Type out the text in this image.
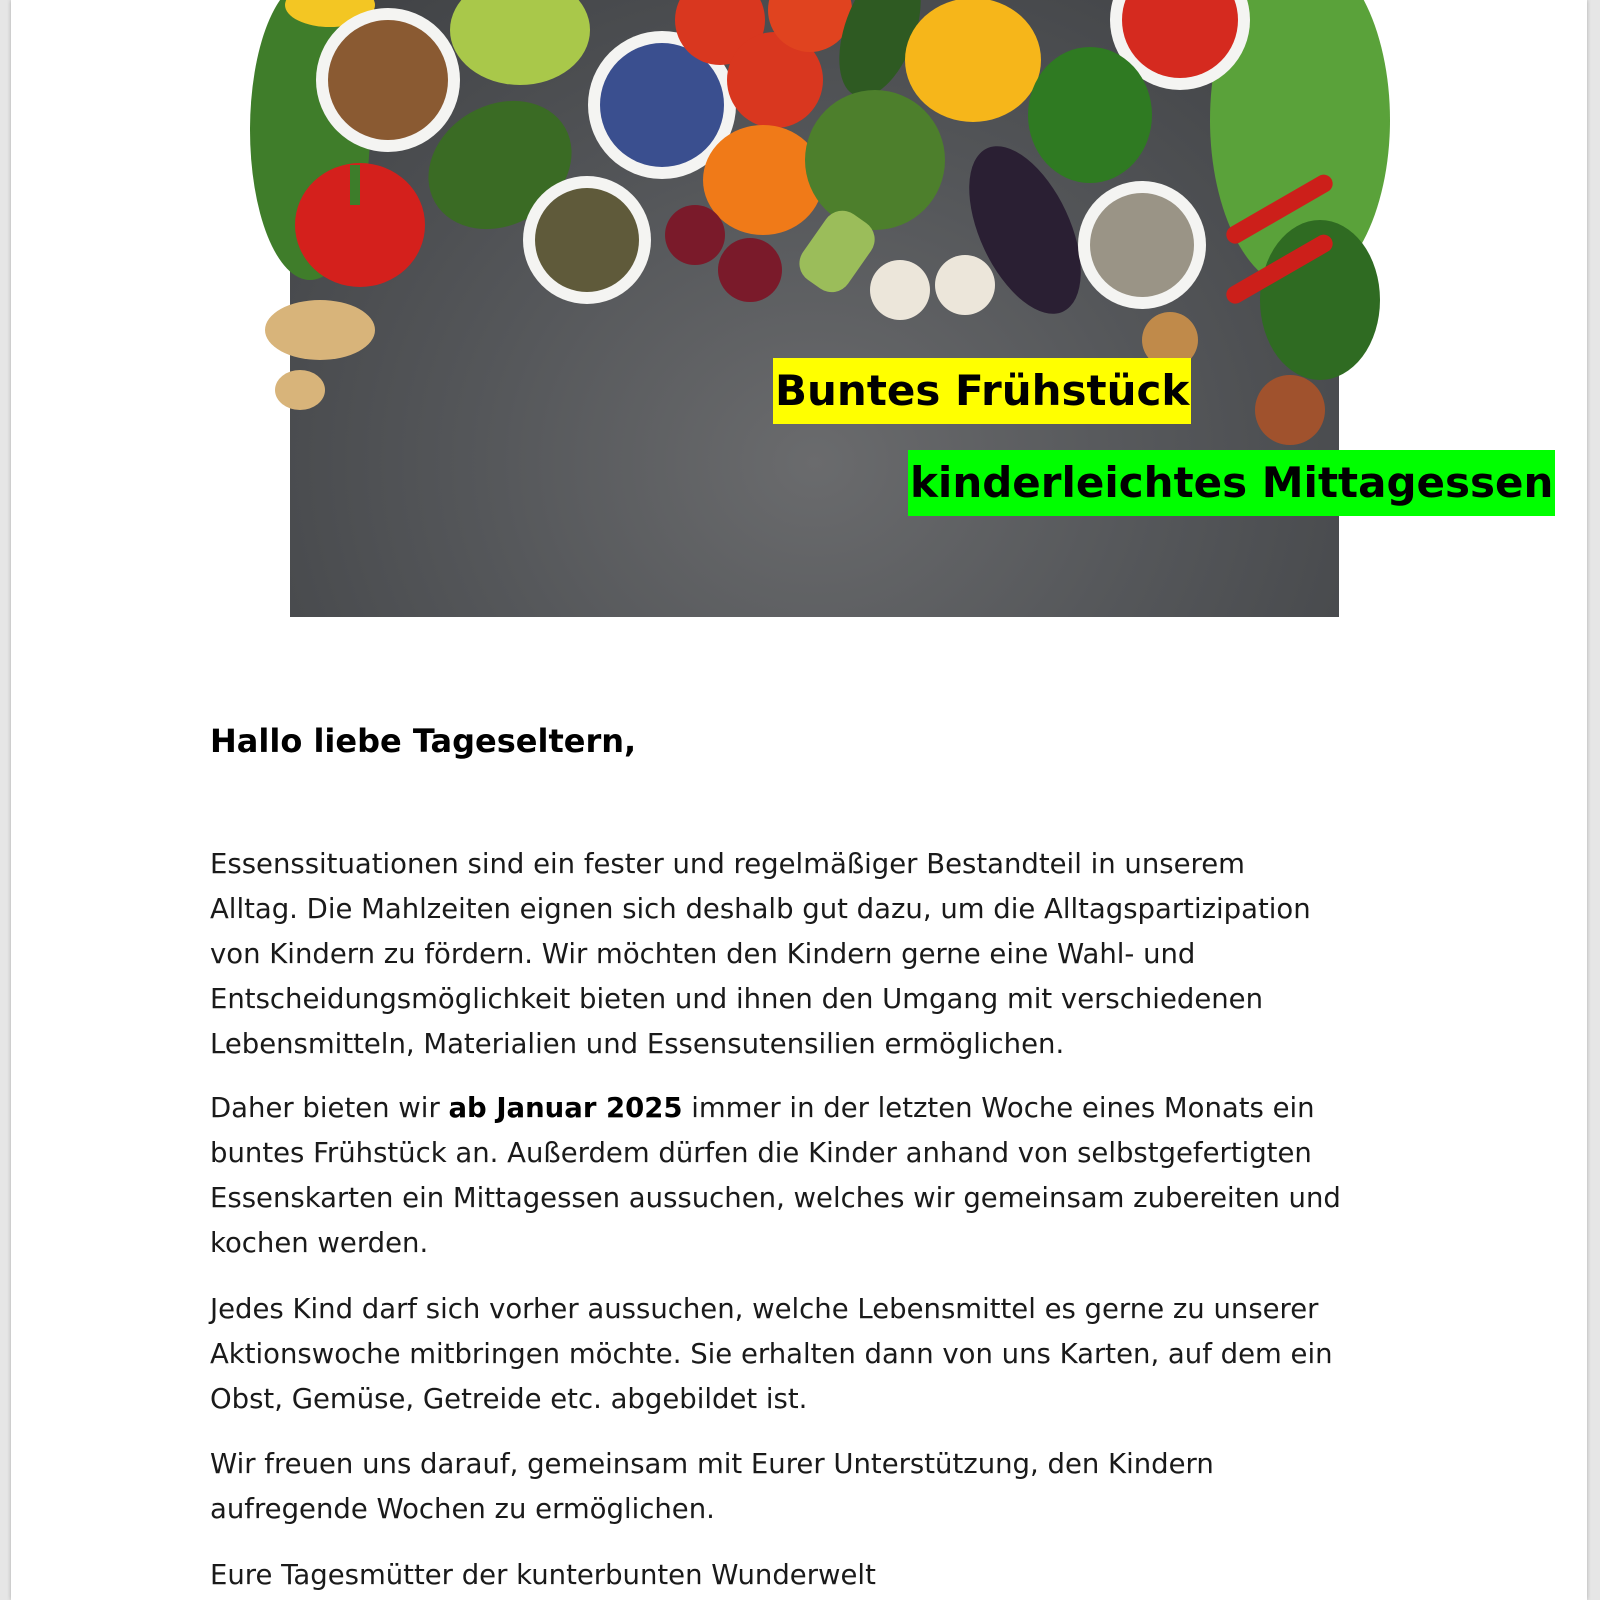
Buntes Frühstück
kinderleichtes Mittagessen

Hallo liebe Tageseltern,

Essenssituationen sind ein fester und regelmäßiger Bestandteil in unserem
Alltag. Die Mahlzeiten eignen sich deshalb gut dazu, um die Alltagspartizipation
von Kindern zu fördern. Wir möchten den Kindern gerne eine Wahl- und
Entscheidungsmöglichkeit bieten und ihnen den Umgang mit verschiedenen
Lebensmitteln, Materialien und Essensutensilien ermöglichen.

Daher bieten wir ab Januar 2025 immer in der letzten Woche eines Monats ein
buntes Frühstück an. Außerdem dürfen die Kinder anhand von selbstgefertigten
Essenskarten ein Mittagessen aussuchen, welches wir gemeinsam zubereiten und
kochen werden.

Jedes Kind darf sich vorher aussuchen, welche Lebensmittel es gerne zu unserer
Aktionswoche mitbringen möchte. Sie erhalten dann von uns Karten, auf dem ein
Obst, Gemüse, Getreide etc. abgebildet ist.

Wir freuen uns darauf, gemeinsam mit Eurer Unterstützung, den Kindern
aufregende Wochen zu ermöglichen.

Eure Tagesmütter der kunterbunten Wunderwelt
